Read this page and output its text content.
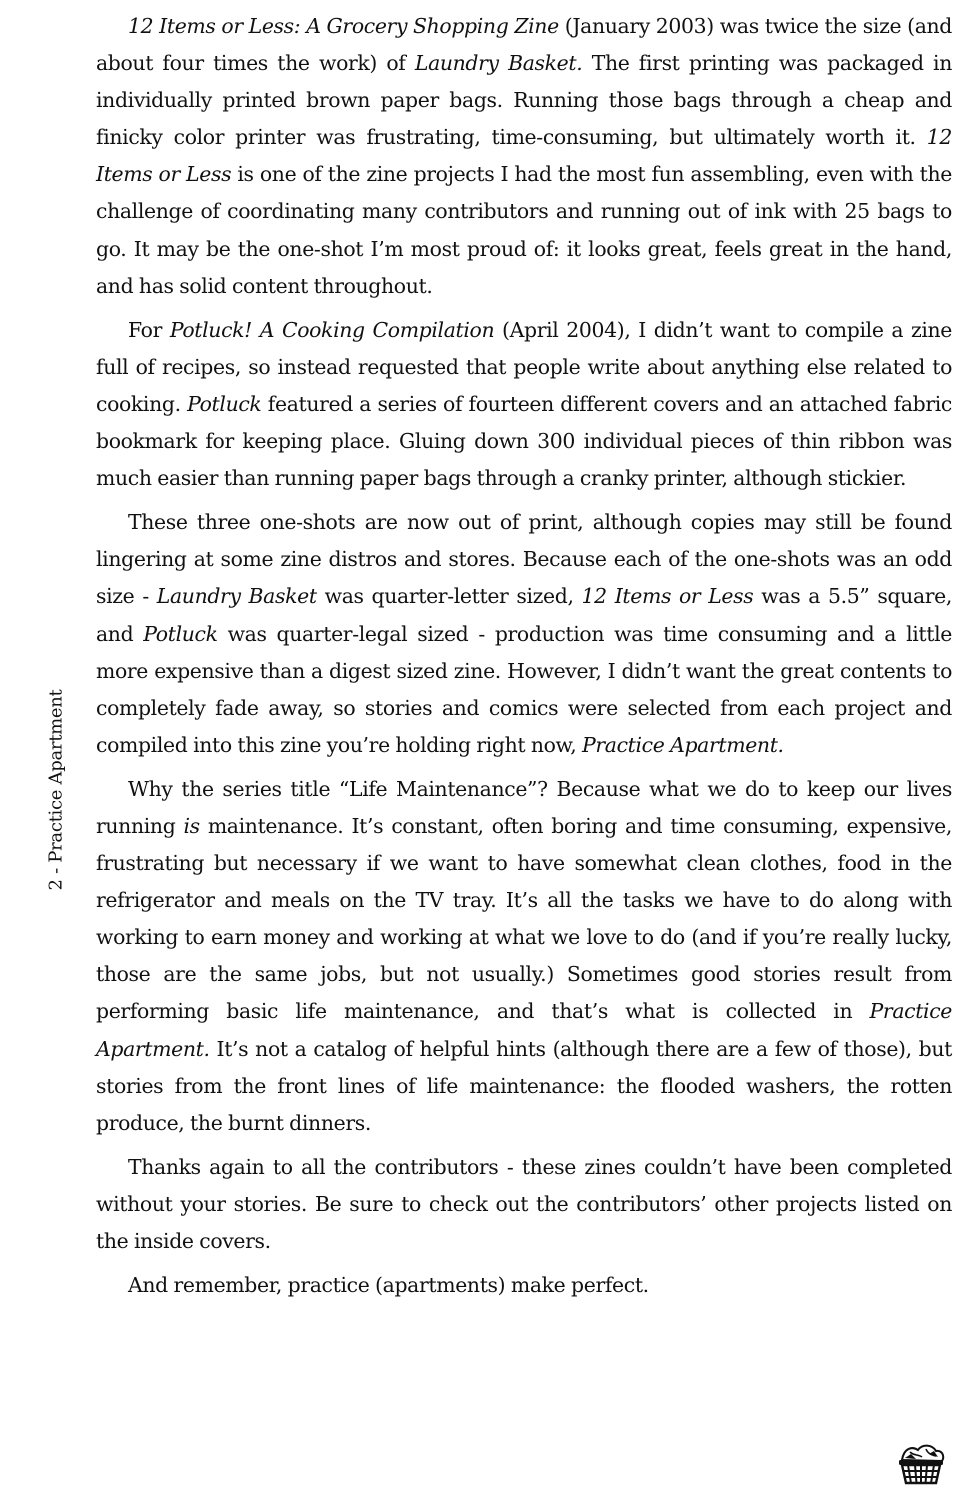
2 - Practice Apartment

12 Items or Less: A Grocery Shopping Zine (January 2003) was twice the size (and about four times the work) of Laundry Basket. The first printing was packaged in individually printed brown paper bags. Running those bags through a cheap and finicky color printer was frustrating, time-consuming, but ultimately worth it. 12 Items or Less is one of the zine projects I had the most fun assembling, even with the challenge of coordinating many contributors and running out of ink with 25 bags to go. It may be the one-shot I’m most proud of: it looks great, feels great in the hand, and has solid content throughout.

For Potluck! A Cooking Compilation (April 2004), I didn’t want to compile a zine full of recipes, so instead requested that people write about anything else related to cooking. Potluck featured a series of fourteen different covers and an attached fabric bookmark for keeping place. Gluing down 300 individual pieces of thin ribbon was much easier than running paper bags through a cranky printer, although stickier.

These three one-shots are now out of print, although copies may still be found lingering at some zine distros and stores. Because each of the one-shots was an odd size - Laundry Basket was quarter-letter sized, 12 Items or Less was a 5.5” square, and Potluck was quarter-legal sized - production was time consuming and a little more expensive than a digest sized zine. However, I didn’t want the great contents to completely fade away, so stories and comics were selected from each project and compiled into this zine you’re holding right now, Practice Apartment.

Why the series title “Life Maintenance”? Because what we do to keep our lives running is maintenance. It’s constant, often boring and time consuming, expensive, frustrating but necessary if we want to have somewhat clean clothes, food in the refrigerator and meals on the TV tray. It’s all the tasks we have to do along with working to earn money and working at what we love to do (and if you’re really lucky, those are the same jobs, but not usually.) Sometimes good stories result from performing basic life maintenance, and that’s what is collected in Practice Apartment. It’s not a catalog of helpful hints (although there are a few of those), but stories from the front lines of life maintenance: the flooded washers, the rotten produce, the burnt dinners.

Thanks again to all the contributors - these zines couldn’t have been completed without your stories. Be sure to check out the contributors’ other projects listed on the inside covers.

And remember, practice (apartments) make perfect.
